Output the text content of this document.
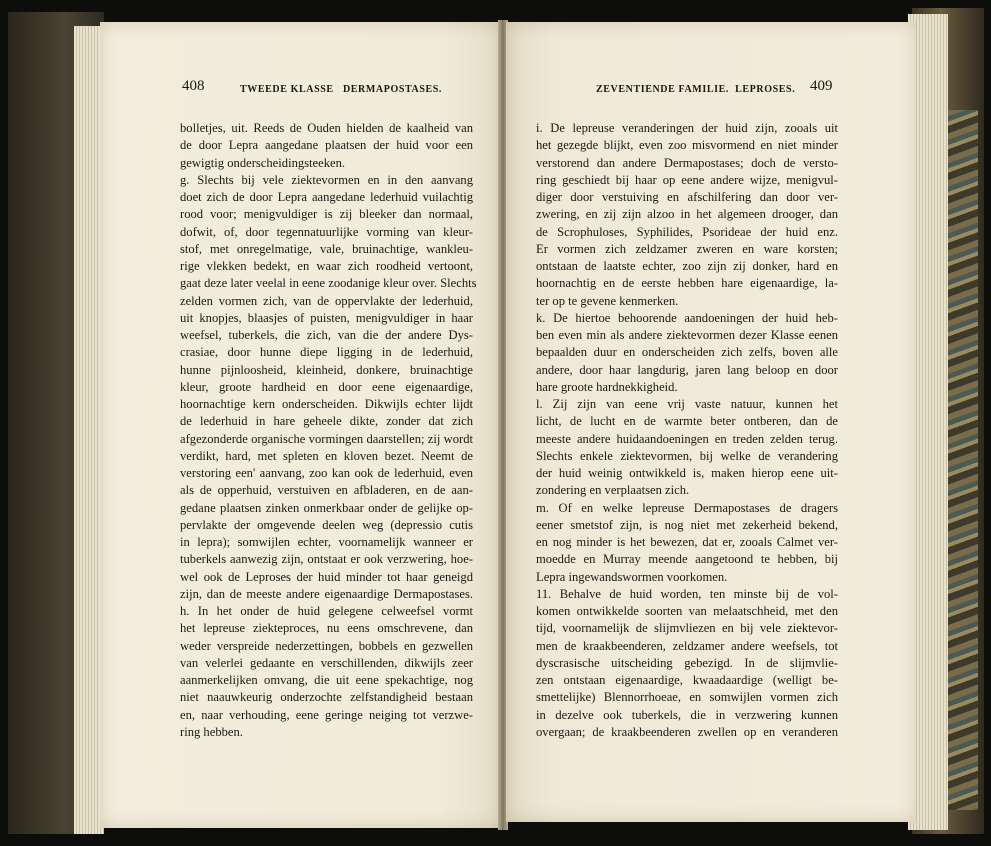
408	TWEEDE KLASSE   DERMAPOSTASES.
bolletjes, uit. Reeds de Ouden hielden de kaalheid van
de door Lepra aangedane plaatsen der huid voor een
gewigtig onderscheidingsteeken.
g. Slechts bij vele ziektevormen en in den aanvang
doet zich de door Lepra aangedane lederhuid vuilachtig
rood voor; menigvuldiger is zij bleeker dan normaal,
dofwit, of, door tegennatuurlijke vorming van kleur-
stof, met onregelmatige, vale, bruinachtige, wankleu-
rige vlekken bedekt, en waar zich roodheid vertoont,
gaat deze later veelal in eene zoodanige kleur over. Slechts
zelden vormen zich, van de oppervlakte der lederhuid,
uit knopjes, blaasjes of puisten, menigvuldiger in haar
weefsel, tuberkels, die zich, van die der andere Dys-
crasiae, door hunne diepe ligging in de lederhuid,
hunne pijnloosheid, kleinheid, donkere, bruinachtige
kleur, groote hardheid en door eene eigenaardige,
hoornachtige kern onderscheiden. Dikwijls echter lijdt
de lederhuid in hare geheele dikte, zonder dat zich
afgezonderde organische vormingen daarstellen; zij wordt
verdikt, hard, met spleten en kloven bezet. Neemt de
verstoring een' aanvang, zoo kan ook de lederhuid, even
als de opperhuid, verstuiven en afbladeren, en de aan-
gedane plaatsen zinken onmerkbaar onder de gelijke op-
pervlakte der omgevende deelen weg (depressio cutis
in lepra); somwijlen echter, voornamelijk wanneer er
tuberkels aanwezig zijn, ontstaat er ook verzwering, hoe-
wel ook de Leproses der huid minder tot haar geneigd
zijn, dan de meeste andere eigenaardige Dermapostases.
h. In het onder de huid gelegene celweefsel vormt
het lepreuse ziekteproces, nu eens omschrevene, dan
weder verspreide nederzettingen, bobbels en gezwellen
van velerlei gedaante en verschillenden, dikwijls zeer
aanmerkelijken omvang, die uit eene spekachtige, nog
niet naauwkeurig onderzochte zelfstandigheid bestaan
en, naar verhouding, eene geringe neiging tot verzwe-
ring hebben.
ZEVENTIENDE FAMILIE.  LEPROSES. 409
i. De lepreuse veranderingen der huid zijn, zooals uit
het gezegde blijkt, even zoo misvormend en niet minder
verstorend dan andere Dermapostases; doch de versto-
ring geschiedt bij haar op eene andere wijze, menigvul-
diger door verstuiving en afschilfering dan door ver-
zwering, en zij zijn alzoo in het algemeen drooger, dan
de Scrophuloses, Syphilides, Psorideae der huid enz.
Er vormen zich zeldzamer zweren en ware korsten;
ontstaan de laatste echter, zoo zijn zij donker, hard en
hoornachtig en de eerste hebben hare eigenaardige, la-
ter op te gevene kenmerken.
k. De hiertoe behoorende aandoeningen der huid heb-
ben even min als andere ziektevormen dezer Klasse eenen
bepaalden duur en onderscheiden zich zelfs, boven alle
andere, door haar langdurig, jaren lang beloop en door
hare groote hardnekkigheid.
l. Zij zijn van eene vrij vaste natuur, kunnen het
licht, de lucht en de warmte beter ontberen, dan de
meeste andere huidaandoeningen en treden zelden terug.
Slechts enkele ziektevormen, bij welke de verandering
der huid weinig ontwikkeld is, maken hierop eene uit-
zondering en verplaatsen zich.
m. Of en welke lepreuse Dermapostases de dragers
eener smetstof zijn, is nog niet met zekerheid bekend,
en nog minder is het bewezen, dat er, zooals Calmet ver-
moedde en Murray meende aangetoond te hebben, bij
Lepra ingewandswormen voorkomen.
11. Behalve de huid worden, ten minste bij de vol-
komen ontwikkelde soorten van melaatschheid, met den
tijd, voornamelijk de slijmvliezen en bij vele ziektevor-
men de kraakbeenderen, zeldzamer andere weefsels, tot
dyscrasische uitscheiding gebezigd. In de slijmvlie-
zen ontstaan eigenaardige, kwaadaardige (welligt be-
smettelijke) Blennorrhoeae, en somwijlen vormen zich
in dezelve ook tuberkels, die in verzwering kunnen
overgaan; de kraakbeenderen zwellen op en veranderen
